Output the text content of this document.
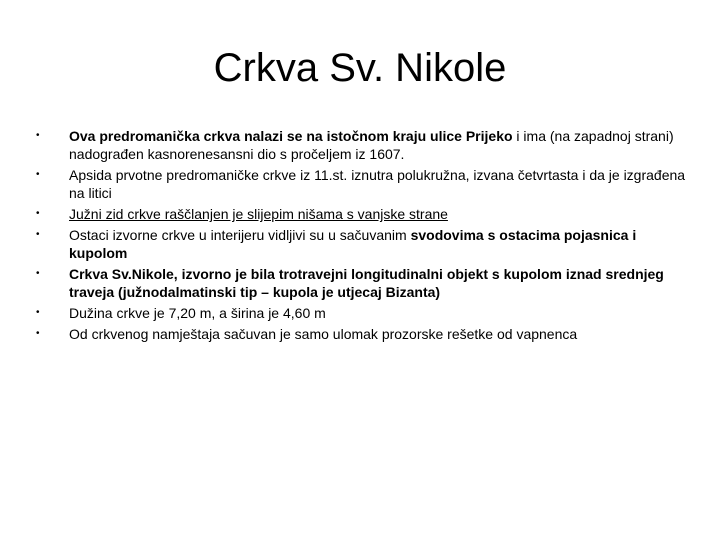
Crkva Sv. Nikole
• Ova predromanička crkva nalazi se na istočnom kraju ulice Prijeko i ima (na zapadnoj strani) nadograđen kasnorenesansni dio s pročeljem iz 1607.
• Apsida prvotne predromaničke crkve iz 11.st. iznutra polukružna, izvana četvrtasta i da je izgrađena na litici
• Južni zid crkve raščlanjen je slijepim nišama s vanjske strane
• Ostaci izvorne crkve u interijeru vidljivi su u sačuvanim svodovima s ostacima pojasnica i kupolom
• Crkva Sv.Nikole, izvorno je bila trotravejni longitudinalni objekt s kupolom iznad srednjeg traveja (južnodalmatinski tip – kupola je utjecaj Bizanta)
• Dužina crkve je 7,20 m, a širina je 4,60 m
• Od crkvenog namještaja sačuvan je samo ulomak prozorske rešetke od vapnenca
